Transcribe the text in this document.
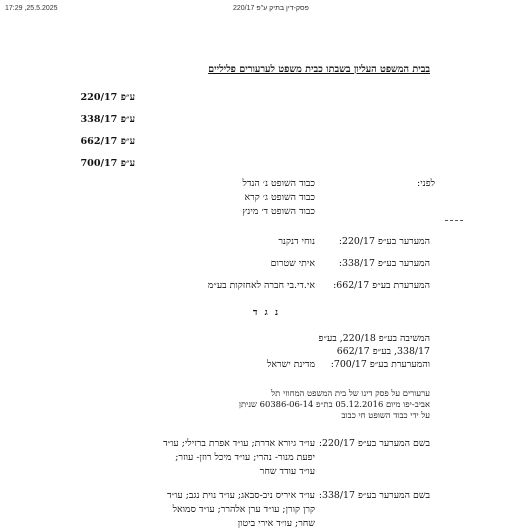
17:29 ,25.5.2025	פסק-דין בתיק ע"פ 220/17
בבית המשפט העליון בשבתו כבית משפט לערעורים פליליים
ע״פ 220/17
ע״פ 338/17
ע״פ 662/17
ע״פ 700/17
לפני:
כבוד השופט נ׳ הנדל
כבוד השופט ג׳ קרא
כבוד השופט ד׳ מינץ
המערער בע״פ 220/17:
נוחי דנקנר
המערער בע״פ 338/17:
איתי שטרום
המערערת בע״פ 662/17:
אי.די.בי חברה לאחזקות בע״מ
נ ג ד
המשיבה בע״פ 220/18, בע״פ
338/17, בע״פ 662/17
והמערערת בע״פ 700/17:
מדינת ישראל
ערעורים על פסק דינו של בית המשפט המחוזי תל
אביב-יפו מיום 05.12.2016 בת״פ 60386-06-14 שניתן
על ידי כבוד השופט חי כבוב
בשם המערער בע״פ 220/17:
עו״ד גיורא אדרת; עו״ד אפרת ברזילי; עו״ד
יפעת מנור- נהרי; עו״ד מיכל רוזן- עוזר;
עו״ד עודד שחר
בשם המערער בע״פ 338/17:
עו״ד איריס ניב-סבאג; עו״ד נוית נגב; עו״ד
קרן קורן; עו״ד ערן אלהרר; עו״ד סמואל
שחר; עו״ד אירי ביטון
